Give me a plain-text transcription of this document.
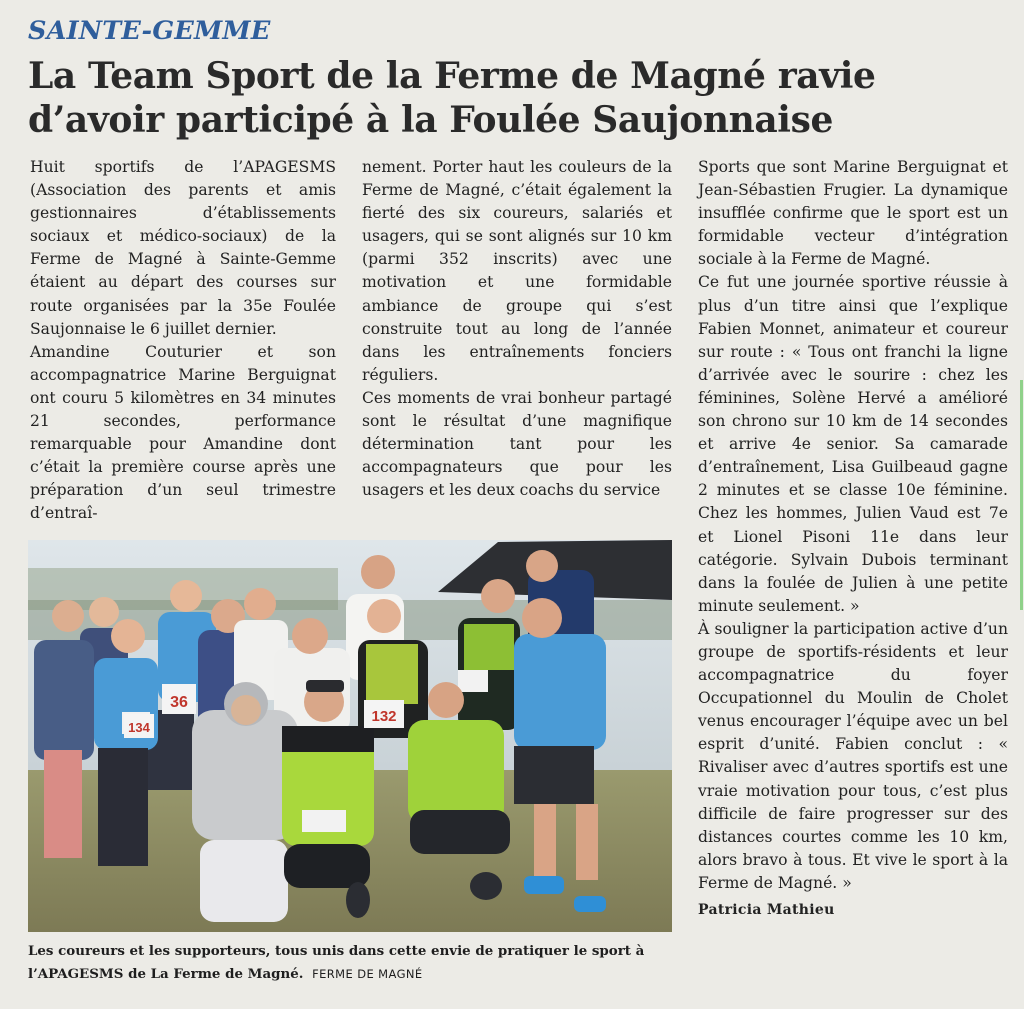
SAINTE-GEMME
La Team Sport de la Ferme de Magné ravie
d’avoir participé à la Foulée Saujonnaise

Huit sportifs de l’APAGESMS (Association des parents et amis gestionnaires d’établissements sociaux et médico-sociaux) de la Ferme de Magné à Sainte-Gemme étaient au départ des courses sur route organisées par la 35e Foulée Saujonnaise le 6 juillet dernier.

Amandine Couturier et son accompagnatrice Marine Berguignat ont couru 5 kilomètres en 34 minutes 21 secondes, performance remarquable pour Amandine dont c’était la première course après une préparation d’un seul trimestre d’entraî-

nement. Porter haut les couleurs de la Ferme de Magné, c’était également la fierté des six coureurs, salariés et usagers, qui se sont alignés sur 10 km (parmi 352 inscrits) avec une motivation et une formidable ambiance de groupe qui s’est construite tout au long de l’année dans les entraînements fonciers réguliers.

Ces moments de vrai bonheur partagé sont le résultat d’une magnifique détermination tant pour les accompagnateurs que pour les usagers et les deux coachs du service

Sports que sont Marine Berguignat et Jean-Sébastien Frugier. La dynamique insufflée confirme que le sport est un formidable vecteur d’intégration sociale à la Ferme de Magné.

Ce fut une journée sportive réussie à plus d’un titre ainsi que l’explique Fabien Monnet, animateur et coureur sur route : « Tous ont franchi la ligne d’arrivée avec le sourire : chez les féminines, Solène Hervé a amélioré son chrono sur 10 km de 14 secondes et arrive 4e senior. Sa camarade d’entraînement, Lisa Guilbeaud gagne 2 minutes et se classe 10e féminine. Chez les hommes, Julien Vaud est 7e et Lionel Pisoni 11e dans leur catégorie. Sylvain Dubois terminant dans la foulée de Julien à une petite minute seulement. »

À souligner la participation active d’un groupe de sportifs-résidents et leur accompagnatrice du foyer Occupationnel du Moulin de Cholet venus encourager l’équipe avec un bel esprit d’unité. Fabien conclut : « Rivaliser avec d’autres sportifs est une vraie motivation pour tous, c’est plus difficile de faire progresser sur des distances courtes comme les 10 km, alors bravo à tous. Et vive le sport à la Ferme de Magné. »

Patricia Mathieu

36
132
134
Les coureurs et les supporteurs, tous unis dans cette envie de pratiquer le sport à l’APAGESMS de La Ferme de Magné. FERME DE MAGNÉ
